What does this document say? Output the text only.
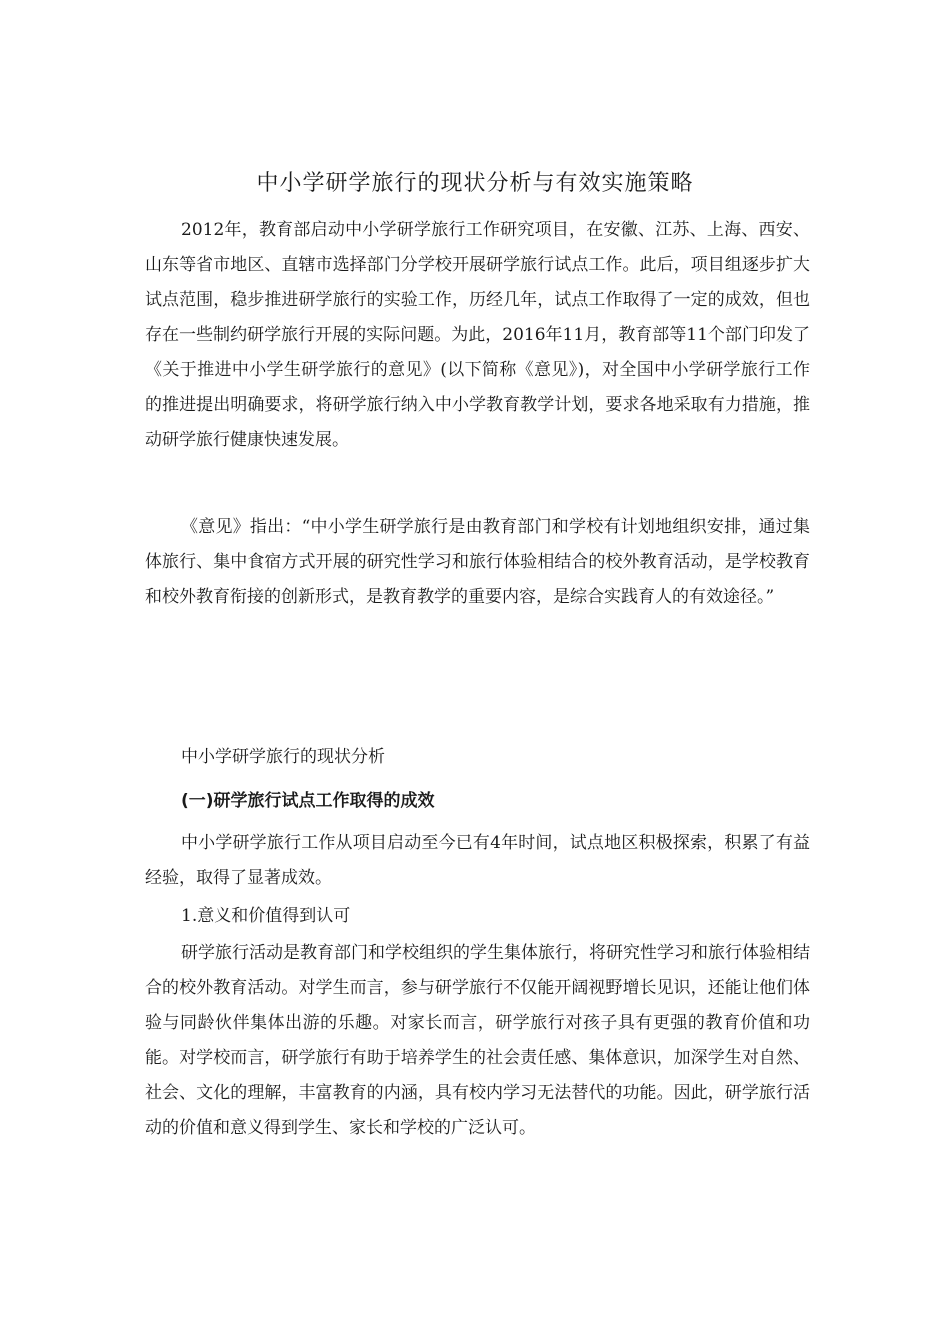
中小学研学旅行的现状分析与有效实施策略

2012年，教育部启动中小学研学旅行工作研究项目，在安徽、江苏、上海、西安、山东等省市地区、直辖市选择部门分学校开展研学旅行试点工作。此后，项目组逐步扩大试点范围，稳步推进研学旅行的实验工作，历经几年，试点工作取得了一定的成效，但也存在一些制约研学旅行开展的实际问题。为此，2016年11月，教育部等11个部门印发了《关于推进中小学生研学旅行的意见》(以下简称《意见》)，对全国中小学研学旅行工作的推进提出明确要求，将研学旅行纳入中小学教育教学计划，要求各地采取有力措施，推动研学旅行健康快速发展。

《意见》指出：“中小学生研学旅行是由教育部门和学校有计划地组织安排，通过集体旅行、集中食宿方式开展的研究性学习和旅行体验相结合的校外教育活动，是学校教育和校外教育衔接的创新形式，是教育教学的重要内容，是综合实践育人的有效途径。”

中小学研学旅行的现状分析

(一)研学旅行试点工作取得的成效

中小学研学旅行工作从项目启动至今已有4年时间，试点地区积极探索，积累了有益经验，取得了显著成效。

1.意义和价值得到认可

研学旅行活动是教育部门和学校组织的学生集体旅行，将研究性学习和旅行体验相结合的校外教育活动。对学生而言，参与研学旅行不仅能开阔视野增长见识，还能让他们体验与同龄伙伴集体出游的乐趣。对家长而言，研学旅行对孩子具有更强的教育价值和功能。对学校而言，研学旅行有助于培养学生的社会责任感、集体意识，加深学生对自然、社会、文化的理解，丰富教育的内涵，具有校内学习无法替代的功能。因此，研学旅行活动的价值和意义得到学生、家长和学校的广泛认可。
